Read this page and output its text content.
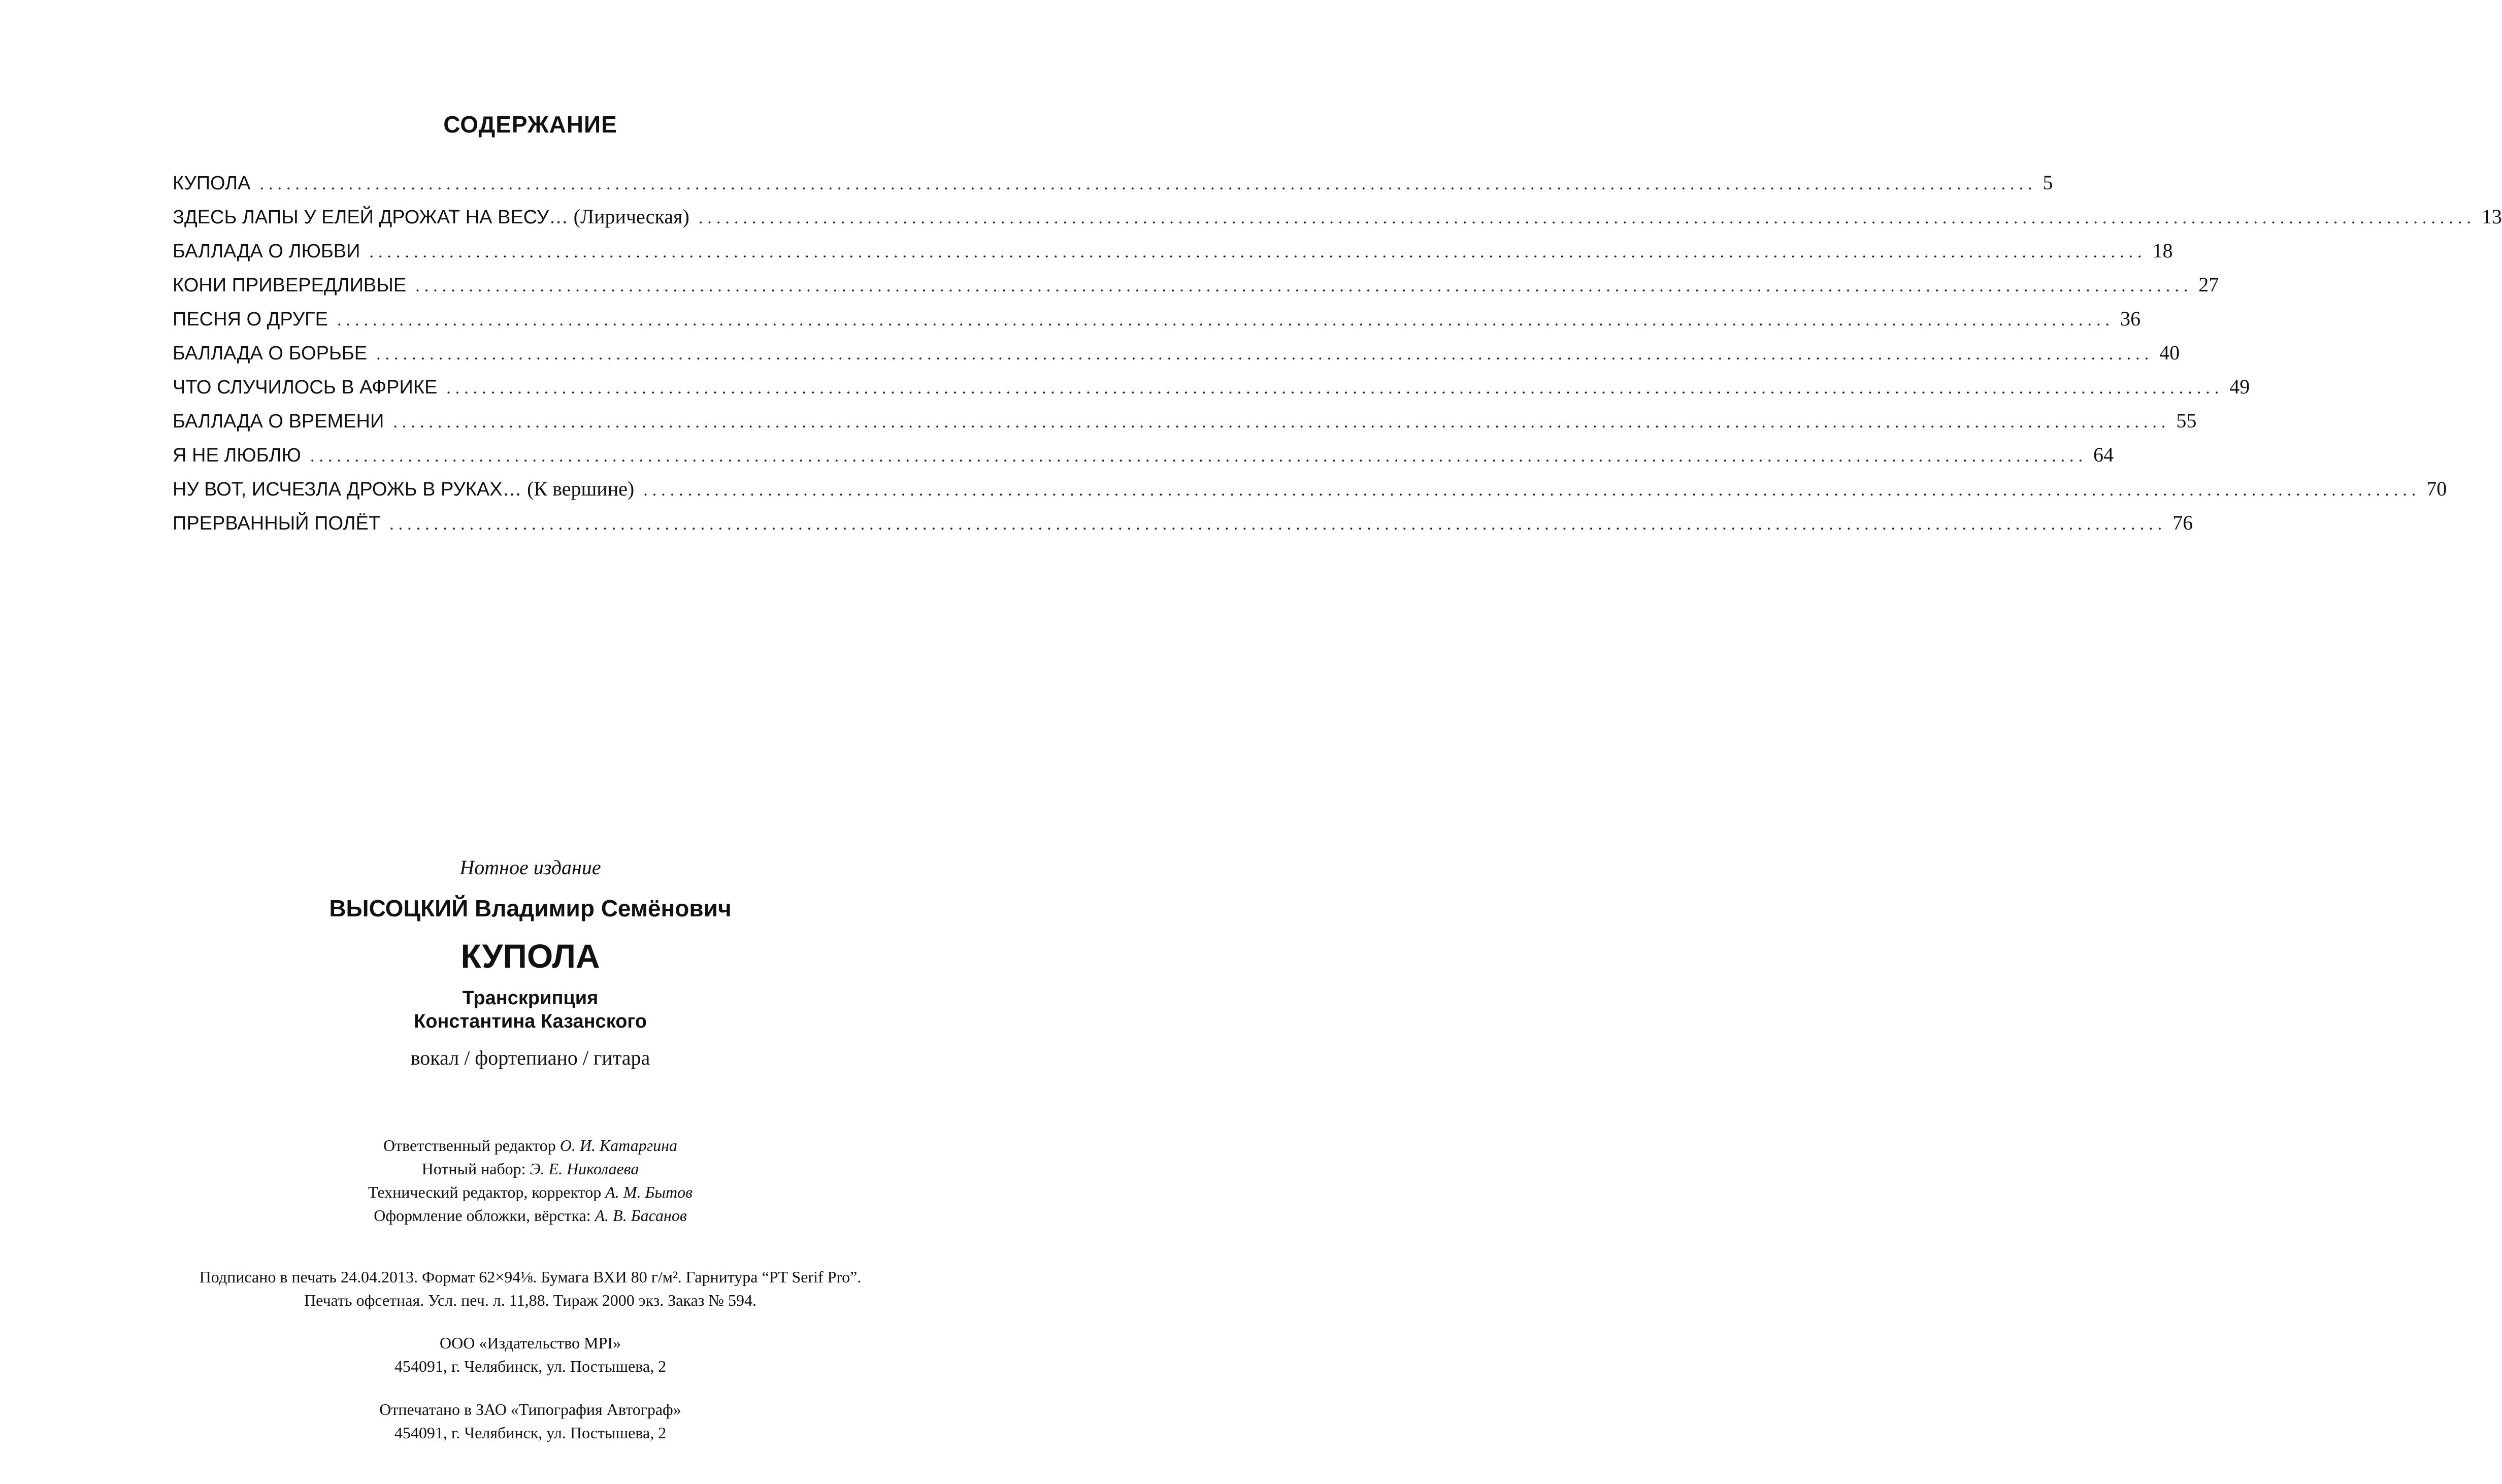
СОДЕРЖАНИЕ
КУПОЛА ........................................................................................................................................................................................................ 5
ЗДЕСЬ ЛАПЫ У ЕЛЕЙ ДРОЖАТ НА ВЕСУ… (Лирическая) ........................................................................................................................................................................................................ 13
БАЛЛАДА О ЛЮБВИ ........................................................................................................................................................................................................ 18
КОНИ ПРИВЕРЕДЛИВЫЕ ........................................................................................................................................................................................................ 27
ПЕСНЯ О ДРУГЕ ........................................................................................................................................................................................................ 36
БАЛЛАДА О БОРЬБЕ ........................................................................................................................................................................................................ 40
ЧТО СЛУЧИЛОСЬ В АФРИКЕ ........................................................................................................................................................................................................ 49
БАЛЛАДА О ВРЕМЕНИ ........................................................................................................................................................................................................ 55
Я НЕ ЛЮБЛЮ ........................................................................................................................................................................................................ 64
НУ ВОТ, ИСЧЕЗЛА ДРОЖЬ В РУКАХ… (К вершине) ........................................................................................................................................................................................................ 70
ПРЕРВАННЫЙ ПОЛЁТ ........................................................................................................................................................................................................ 76

Нотное издание

ВЫСОЦКИЙ Владимир Семёнович

КУПОЛА

Транскрипция
Константина Казанского

вокал / фортепиано / гитара

Ответственный редактор О. И. Катаргина
Нотный набор: Э. Е. Николаева
Технический редактор, корректор А. М. Бытов
Оформление обложки, вёрстка: А. В. Басанов
Подписано в печать 24.04.2013. Формат 62×94⅛. Бумага ВХИ 80 г/м². Гарнитура “PT Serif Pro”.
Печать офсетная. Усл. печ. л. 11,88. Тираж 2000 экз. Заказ № 594.
ООО «Издательство MPI»
454091, г. Челябинск, ул. Постышева, 2
Отпечатано в ЗАО «Типография Автограф»
454091, г. Челябинск, ул. Постышева, 2
